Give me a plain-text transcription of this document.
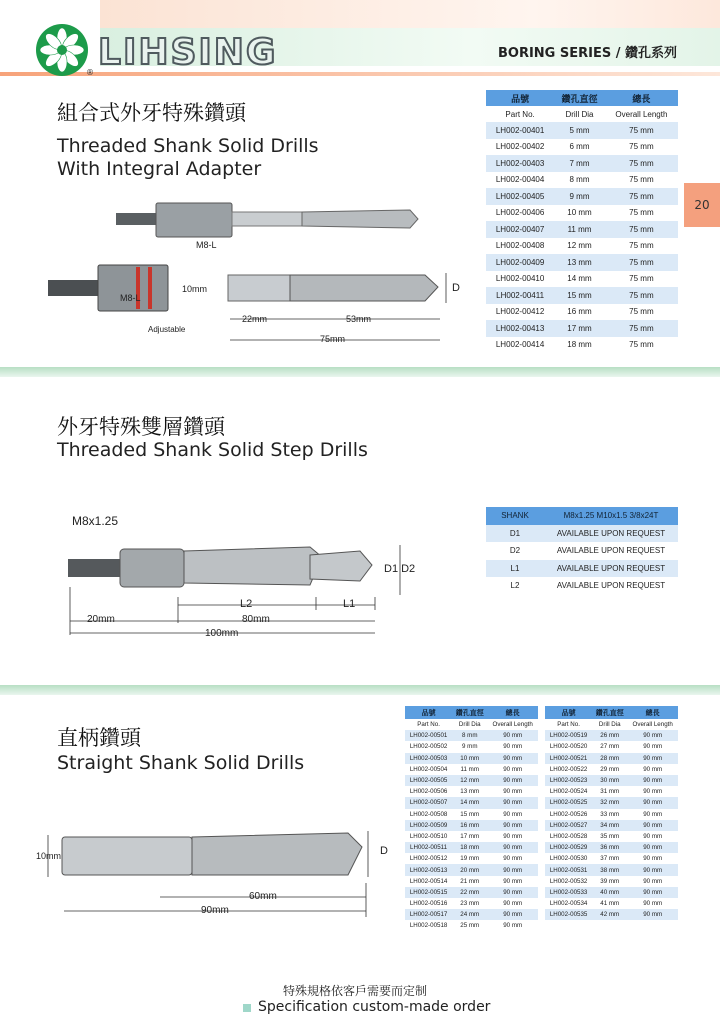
LIHSING
®
BORING SERIES / 鑽孔系列
20
組合式外牙特殊鑽頭
Threaded Shank Solid Drills
With Integral Adapter
M8-L
M8-L
10mm	D
22mm	53mm
75mm
Adjustable
品號	鑽孔直徑	總長
Part No.	Drill Dia	Overall Length
LH002-00401	5 mm	75 mm
LH002-00402	6 mm	75 mm
LH002-00403	7 mm	75 mm
LH002-00404	8 mm	75 mm
LH002-00405	9 mm	75 mm
LH002-00406	10 mm	75 mm
LH002-00407	11 mm	75 mm
LH002-00408	12 mm	75 mm
LH002-00409	13 mm	75 mm
LH002-00410	14 mm	75 mm
LH002-00411	15 mm	75 mm
LH002-00412	16 mm	75 mm
LH002-00413	17 mm	75 mm
LH002-00414	18 mm	75 mm
外牙特殊雙層鑽頭
Threaded Shank Solid Step Drills
M8x1.25
D1 D2
L2	L1
20mm	80mm
100mm
SHANK	M8x1.25 M10x1.5 3/8x24T
D1	AVAILABLE UPON REQUEST
D2	AVAILABLE UPON REQUEST
L1	AVAILABLE UPON REQUEST
L2	AVAILABLE UPON REQUEST
直柄鑽頭
Straight Shank Solid Drills
10mm	D
60mm
90mm
品號	鑽孔直徑	總長
Part No.	Drill Dia	Overall Length
LH002-00501	8 mm	90 mm
LH002-00502	9 mm	90 mm
LH002-00503	10 mm	90 mm
LH002-00504	11 mm	90 mm
LH002-00505	12 mm	90 mm
LH002-00506	13 mm	90 mm
LH002-00507	14 mm	90 mm
LH002-00508	15 mm	90 mm
LH002-00509	16 mm	90 mm
LH002-00510	17 mm	90 mm
LH002-00511	18 mm	90 mm
LH002-00512	19 mm	90 mm
LH002-00513	20 mm	90 mm
LH002-00514	21 mm	90 mm
LH002-00515	22 mm	90 mm
LH002-00516	23 mm	90 mm
LH002-00517	24 mm	90 mm
LH002-00518	25 mm	90 mm
品號	鑽孔直徑	總長
Part No.	Drill Dia	Overall Length
LH002-00519	26 mm	90 mm
LH002-00520	27 mm	90 mm
LH002-00521	28 mm	90 mm
LH002-00522	29 mm	90 mm
LH002-00523	30 mm	90 mm
LH002-00524	31 mm	90 mm
LH002-00525	32 mm	90 mm
LH002-00526	33 mm	90 mm
LH002-00527	34 mm	90 mm
LH002-00528	35 mm	90 mm
LH002-00529	36 mm	90 mm
LH002-00530	37 mm	90 mm
LH002-00531	38 mm	90 mm
LH002-00532	39 mm	90 mm
LH002-00533	40 mm	90 mm
LH002-00534	41 mm	90 mm
LH002-00535	42 mm	90 mm
特殊規格依客戶需要而定制
Specification custom-made order
